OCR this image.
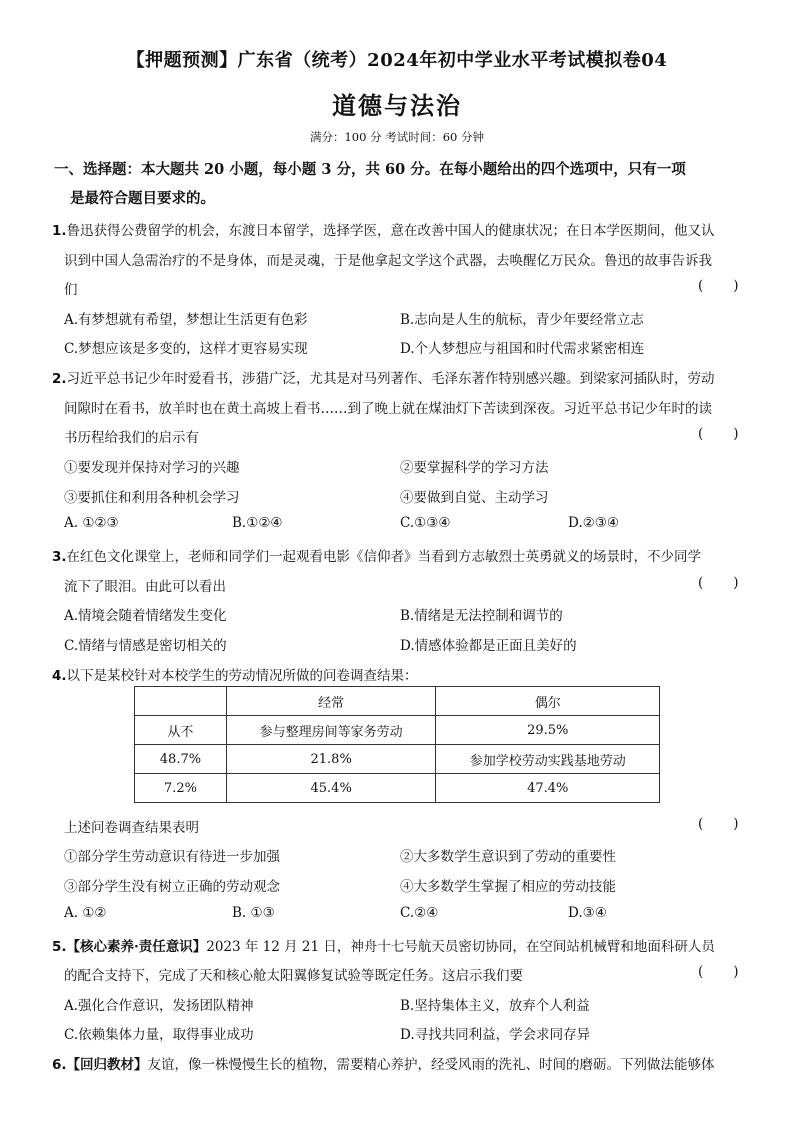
【押题预测】广东省（统考）2024年初中学业水平考试模拟卷04
道德与法治
满分：100 分 考试时间：60 分钟
一、选择题：本大题共 20 小题，每小题 3 分，共 60 分。在每小题给出的四个选项中，只有一项
是最符合题目要求的。
1.鲁迅获得公费留学的机会，东渡日本留学，选择学医，意在改善中国人的健康状况；在日本学医期间，他又认
识到中国人急需治疗的不是身体，而是灵魂，于是他拿起文学这个武器，去唤醒亿万民众。鲁迅的故事告诉我
们	(       )
A.有梦想就有希望，梦想让生活更有色彩	B.志向是人生的航标，青少年要经常立志
C.梦想应该是多变的，这样才更容易实现	D.个人梦想应与祖国和时代需求紧密相连
2.习近平总书记少年时爱看书，涉猎广泛，尤其是对马列著作、毛泽东著作特别感兴趣。到梁家河插队时，劳动
间隙时在看书，放羊时也在黄土高坡上看书……到了晚上就在煤油灯下苦读到深夜。习近平总书记少年时的读
书历程给我们的启示有	(       )
①要发现并保持对学习的兴趣	②要掌握科学的学习方法
③要抓住和利用各种机会学习	④要做到自觉、主动学习
A. ①②③	B.①②④	C.①③④	D.②③④
3.在红色文化课堂上，老师和同学们一起观看电影《信仰者》当看到方志敏烈士英勇就义的场景时，不少同学
流下了眼泪。由此可以看出	(       )
A.情境会随着情绪发生变化	B.情绪是无法控制和调节的
C.情绪与情感是密切相关的	D.情感体验都是正面且美好的
4.以下是某校针对本校学生的劳动情况所做的问卷调查结果：
	经常	偶尔
从不	参与整理房间等家务劳动	29.5%
48.7%	21.8%	参加学校劳动实践基地劳动
7.2%	45.4%	47.4%
上述问卷调查结果表明	(       )
①部分学生劳动意识有待进一步加强	②大多数学生意识到了劳动的重要性
③部分学生没有树立正确的劳动观念	④大多数学生掌握了相应的劳动技能
A. ①②	B. ①③	C.②④	D.③④
5.【核心素养·责任意识】2023 年 12 月 21 日，神舟十七号航天员密切协同，在空间站机械臂和地面科研人员
的配合支持下，完成了天和核心舱太阳翼修复试验等既定任务。这启示我们要	(       )
A.强化合作意识，发扬团队精神	B.坚持集体主义，放弃个人利益
C.依赖集体力量，取得事业成功	D.寻找共同利益，学会求同存异
6.【回归教材】友谊，像一株慢慢生长的植物，需要精心养护，经受风雨的洗礼、时间的磨砺。下列做法能够体
